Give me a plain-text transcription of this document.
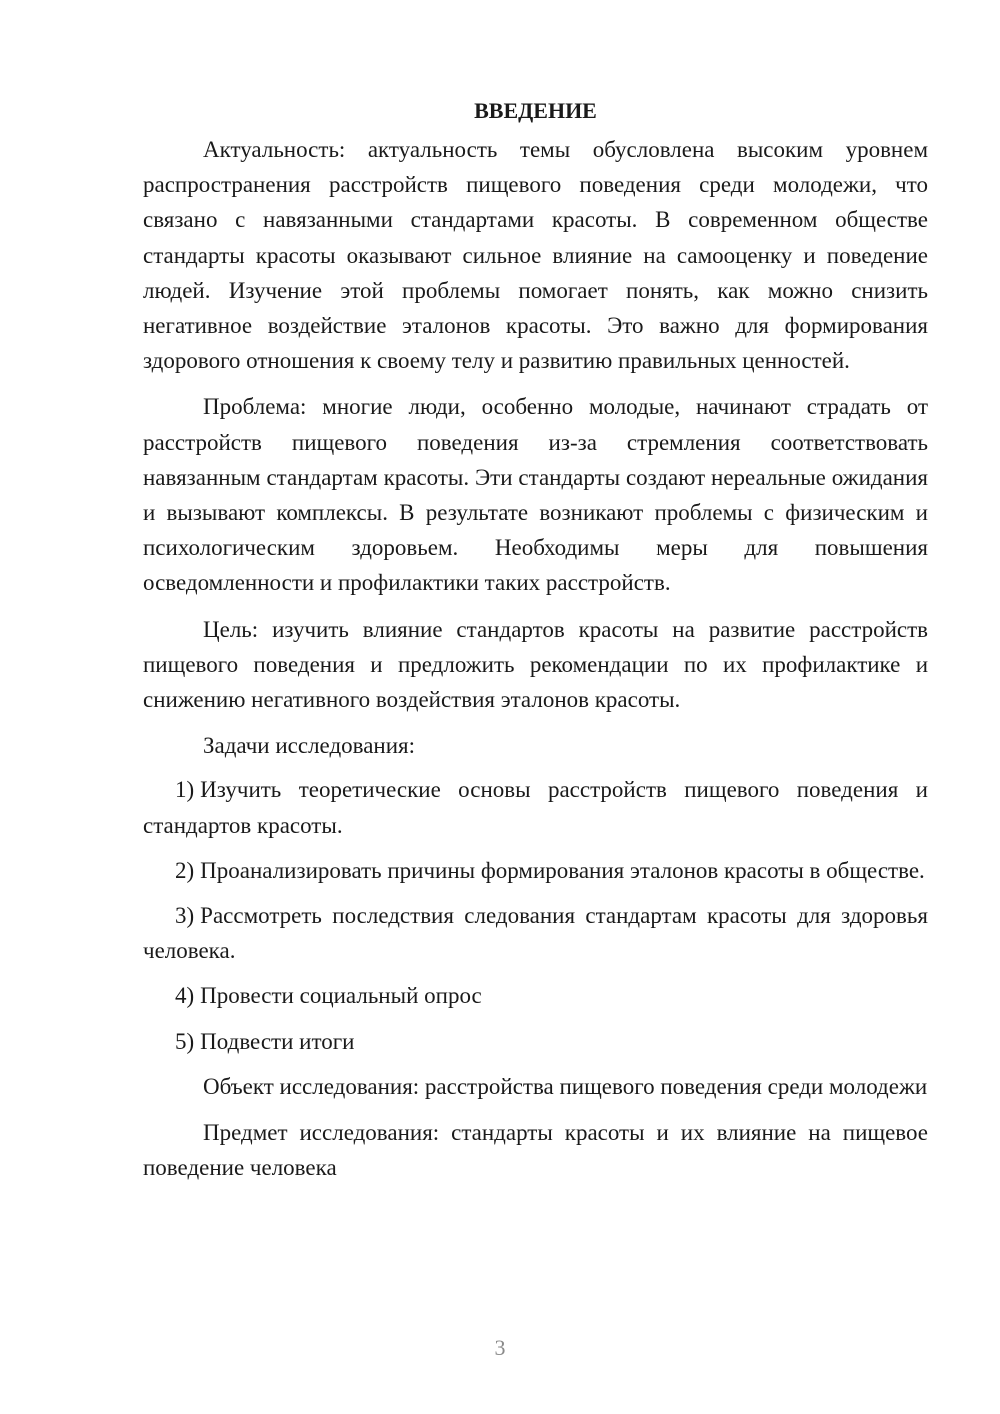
ВВЕДЕНИЕ

Актуальность: актуальность темы обусловлена высоким уровнем распространения расстройств пищевого поведения среди молодежи, что связано с навязанными стандартами красоты. В современном обществе стандарты красоты оказывают сильное влияние на самооценку и поведение людей. Изучение этой проблемы помогает понять, как можно снизить негативное воздействие эталонов красоты. Это важно для формирования здорового отношения к своему телу и развитию правильных ценностей.

Проблема: многие люди, особенно молодые, начинают страдать от расстройств пищевого поведения из-за стремления соответствовать навязанным стандартам красоты. Эти стандарты создают нереальные ожидания и вызывают комплексы. В результате возникают проблемы с физическим и психологическим здоровьем. Необходимы меры для повышения осведомленности и профилактики таких расстройств.

Цель: изучить влияние стандартов красоты на развитие расстройств пищевого поведения и предложить рекомендации по их профилактике и снижению негативного воздействия эталонов красоты.

Задачи исследования:

1) Изучить теоретические основы расстройств пищевого поведения и стандартов красоты.

2) Проанализировать причины формирования эталонов красоты в обществе.

3) Рассмотреть последствия следования стандартам красоты для здоровья человека.

4) Провести социальный опрос

5) Подвести итоги

Объект исследования: расстройства пищевого поведения среди молодежи

Предмет исследования: стандарты красоты и их влияние на пищевое поведение человека

3
